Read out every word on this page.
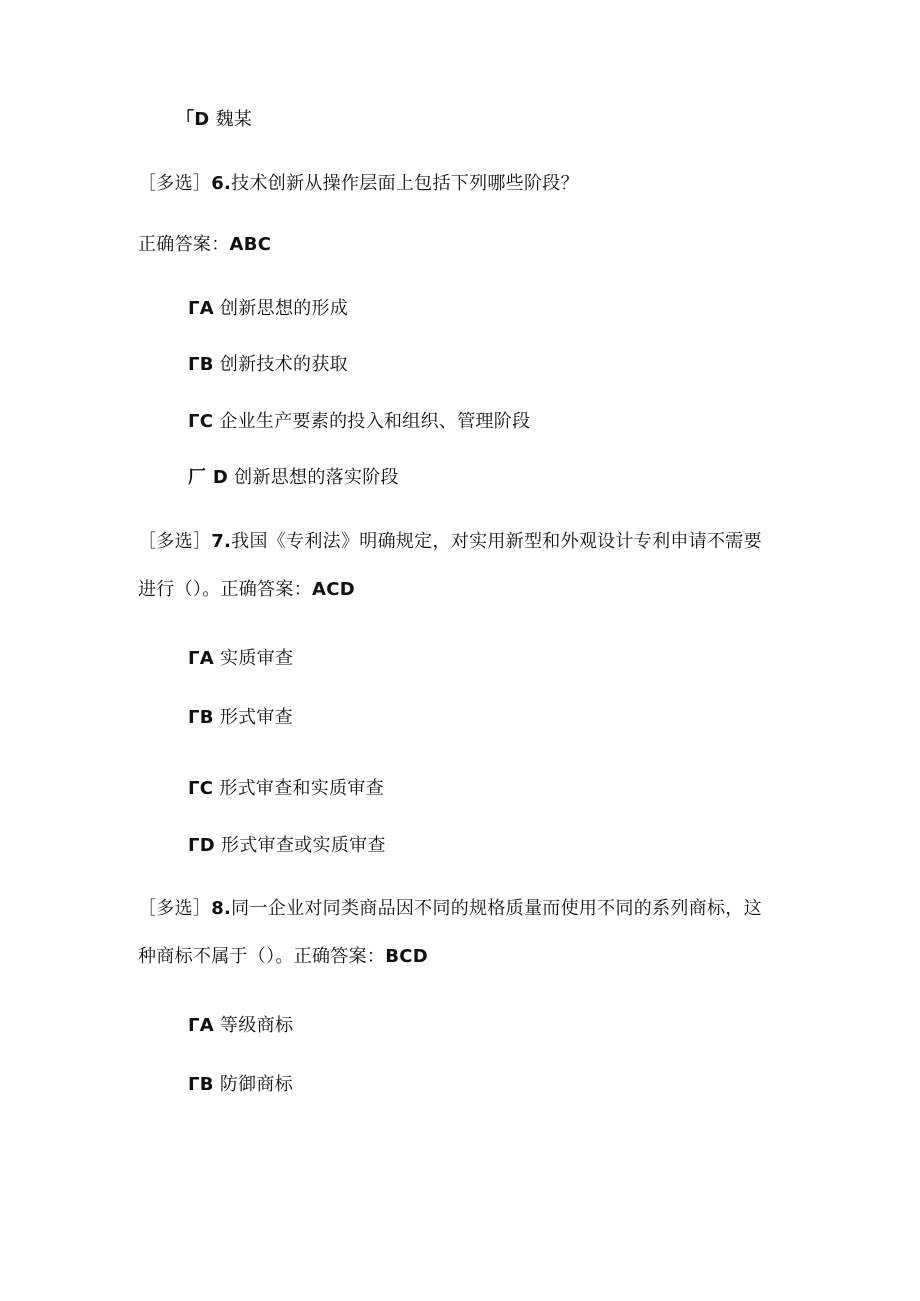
「D 魏某
［多选］6.技术创新从操作层面上包括下列哪些阶段？
正确答案：ABC
ΓA 创新思想的形成
ΓB 创新技术的获取
ΓC 企业生产要素的投入和组织、管理阶段
厂 D 创新思想的落实阶段
［多选］7.我国《专利法》明确规定，对实用新型和外观设计专利申请不需要
进行（）。正确答案：ACD
ΓA 实质审查
ΓB 形式审查
ΓC 形式审查和实质审查
ΓD 形式审查或实质审查
［多选］8.同一企业对同类商品因不同的规格质量而使用不同的系列商标，这
种商标不属于（）。正确答案：BCD
ΓA 等级商标
ΓB 防御商标
